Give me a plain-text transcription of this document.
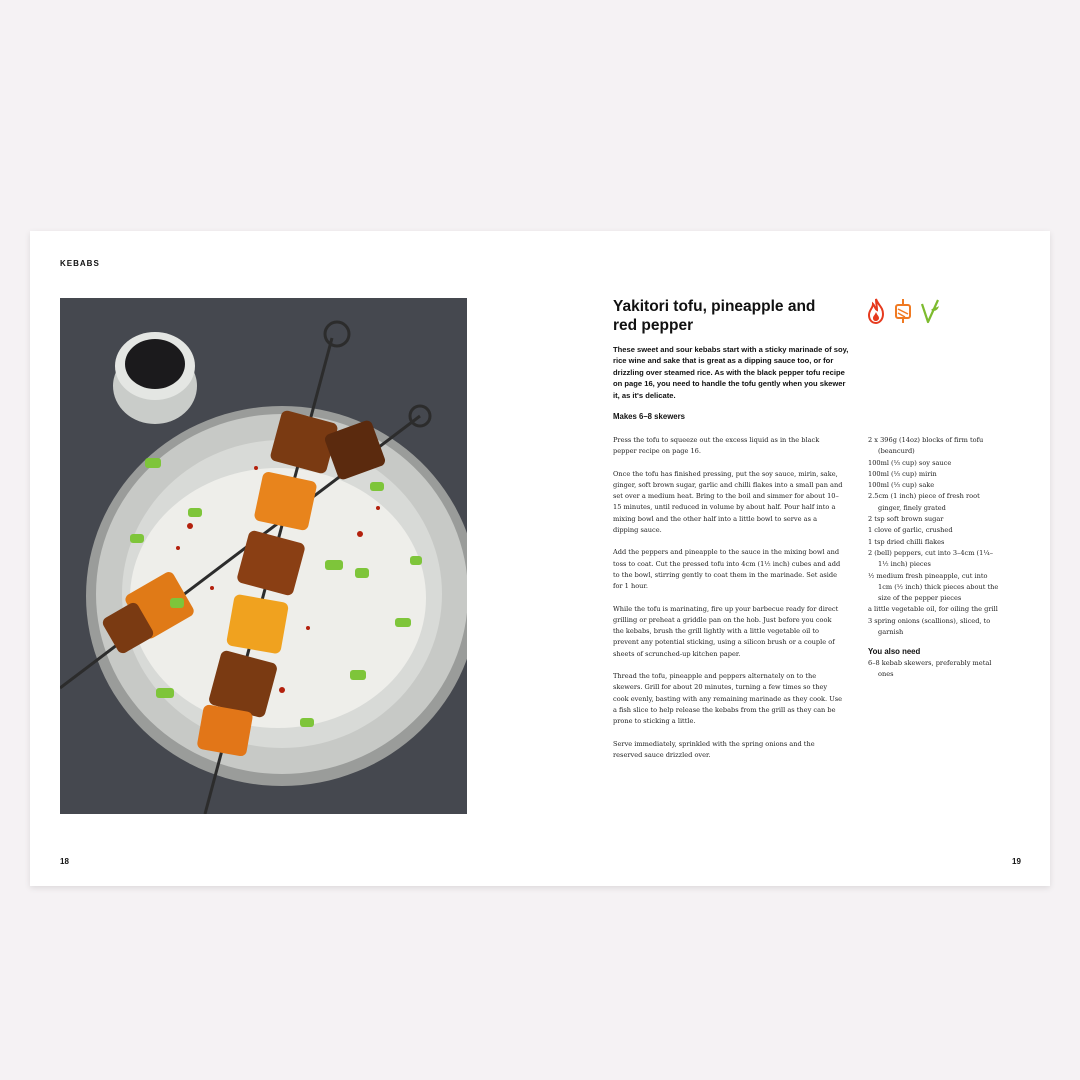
KEBABS
18	19
Yakitori tofu, pineapple and red pepper
These sweet and sour kebabs start with a sticky marinade of soy, rice wine and sake that is great as a dipping sauce too, or for drizzling over steamed rice. As with the black pepper tofu recipe on page 16, you need to handle the tofu gently when you skewer it, as it's delicate.
Makes 6–8 skewers

Press the tofu to squeeze out the excess liquid as in the black pepper recipe on page 16.

Once the tofu has finished pressing, put the soy sauce, mirin, sake, ginger, soft brown sugar, garlic and chilli flakes into a small pan and set over a medium heat. Bring to the boil and simmer for about 10–15 minutes, until reduced in volume by about half. Pour half into a mixing bowl and the other half into a little bowl to serve as a dipping sauce.

Add the peppers and pineapple to the sauce in the mixing bowl and toss to coat. Cut the pressed tofu into 4cm (1½ inch) cubes and add to the bowl, stirring gently to coat them in the marinade. Set aside for 1 hour.

While the tofu is marinating, fire up your barbecue ready for direct grilling or preheat a griddle pan on the hob. Just before you cook the kebabs, brush the grill lightly with a little vegetable oil to prevent any potential sticking, using a silicon brush or a couple of sheets of scrunched-up kitchen paper.

Thread the tofu, pineapple and peppers alternately on to the skewers. Grill for about 20 minutes, turning a few times so they cook evenly, basting with any remaining marinade as they cook. Use a fish slice to help release the kebabs from the grill as they can be prone to sticking a little.

Serve immediately, sprinkled with the spring onions and the reserved sauce drizzled over.

2 x 396g (14oz) blocks of firm tofu (beancurd)
100ml (⅓ cup) soy sauce
100ml (⅓ cup) mirin
100ml (⅓ cup) sake
2.5cm (1 inch) piece of fresh root ginger, finely grated
2 tsp soft brown sugar
1 clove of garlic, crushed
1 tsp dried chilli flakes
2 (bell) peppers, cut into 3–4cm (1¼–1½ inch) pieces
½ medium fresh pineapple, cut into 1cm (½ inch) thick pieces about the size of the pepper pieces
a little vegetable oil, for oiling the grill
3 spring onions (scallions), sliced, to garnish
You also need
6–8 kebab skewers, preferably metal ones
